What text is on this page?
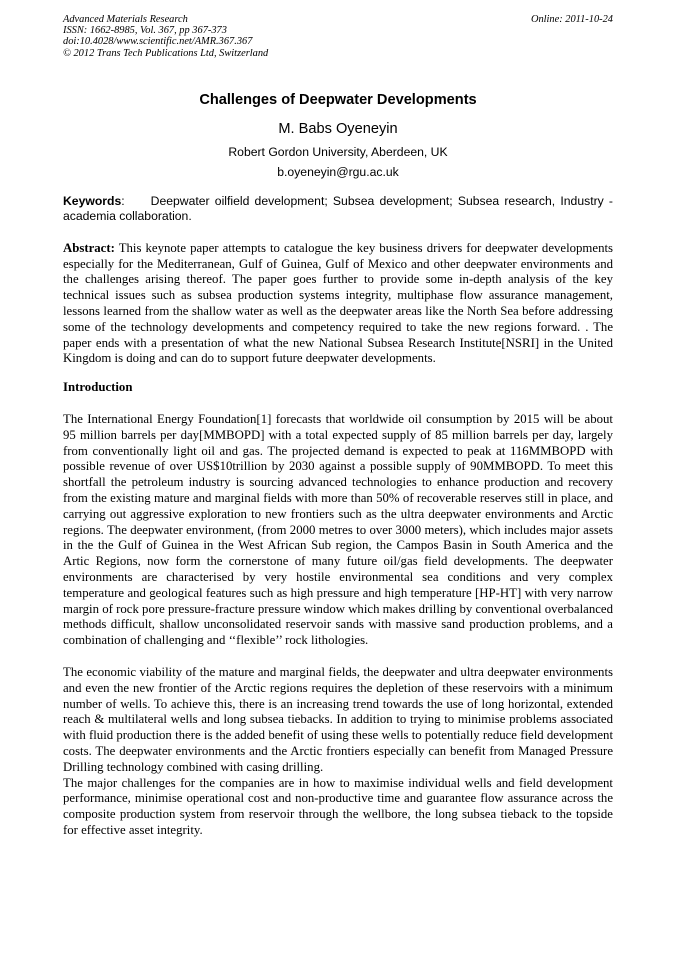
Advanced Materials Research
ISSN: 1662-8985, Vol. 367, pp 367-373
doi:10.4028/www.scientific.net/AMR.367.367
© 2012 Trans Tech Publications Ltd, Switzerland
Online: 2011-10-24
Challenges of Deepwater Developments
M. Babs Oyeneyin
Robert Gordon University, Aberdeen, UK
b.oyeneyin@rgu.ac.uk
Keywords:     Deepwater oilfield development; Subsea development; Subsea research, Industry - academia collaboration.

Abstract: This keynote paper attempts to catalogue the key business drivers for deepwater developments especially for the Mediterranean, Gulf of Guinea, Gulf of Mexico and other deepwater environments and the challenges arising thereof. The paper goes further to provide some in-depth analysis of the key technical issues such as subsea production systems integrity, multiphase flow assurance management, lessons learned from the shallow water as well as the deepwater areas like the North Sea before addressing some of the technology developments and competency required to take the new regions forward. . The paper ends with a presentation of what the new National Subsea Research Institute[NSRI] in the United Kingdom is doing and can do to support future deepwater developments.

Introduction

The International Energy Foundation[1] forecasts that worldwide oil consumption by 2015 will be about 95 million barrels per day[MMBOPD] with a total expected supply of 85 million barrels per day, largely from conventionally light oil and gas. The projected demand is expected to peak at 116MMBOPD with possible revenue of over US$10trillion by 2030 against a possible supply of 90MMBOPD. To meet this shortfall the petroleum industry is sourcing advanced technologies to enhance production and recovery from the existing mature and marginal fields with more than 50% of recoverable reserves still in place, and carrying out aggressive exploration to new frontiers such as the ultra deepwater environments and Arctic regions. The deepwater environment, (from 2000 metres to over 3000 meters), which includes major assets in the the Gulf of Guinea in the West African Sub region, the Campos Basin in South America and the Artic Regions, now form the cornerstone of many future oil/gas field developments. The deepwater environments are characterised by very hostile environmental sea conditions and very complex temperature and geological features such as high pressure and high temperature [HP-HT] with very narrow margin of rock pore pressure-fracture pressure window which makes drilling by conventional overbalanced methods difficult, shallow unconsolidated reservoir sands with massive sand production problems, and a combination of challenging and ‘‘flexible’’ rock lithologies.

The economic viability of the mature and marginal fields, the deepwater and ultra deepwater environments and even the new frontier of the Arctic regions requires the depletion of these reservoirs with a minimum number of wells. To achieve this, there is an increasing trend towards the use of long horizontal, extended reach & multilateral wells and long subsea tiebacks. In addition to trying to minimise problems associated with fluid production there is the added benefit of using these wells to potentially reduce field development costs. The deepwater environments and the Arctic frontiers especially can benefit from Managed Pressure Drilling technology combined with casing drilling.

The major challenges for the companies are in how to maximise individual wells and field development performance, minimise operational cost and non-productive time and guarantee flow assurance across the composite production system from reservoir through the wellbore, the long subsea tieback to the topside for effective asset integrity.
